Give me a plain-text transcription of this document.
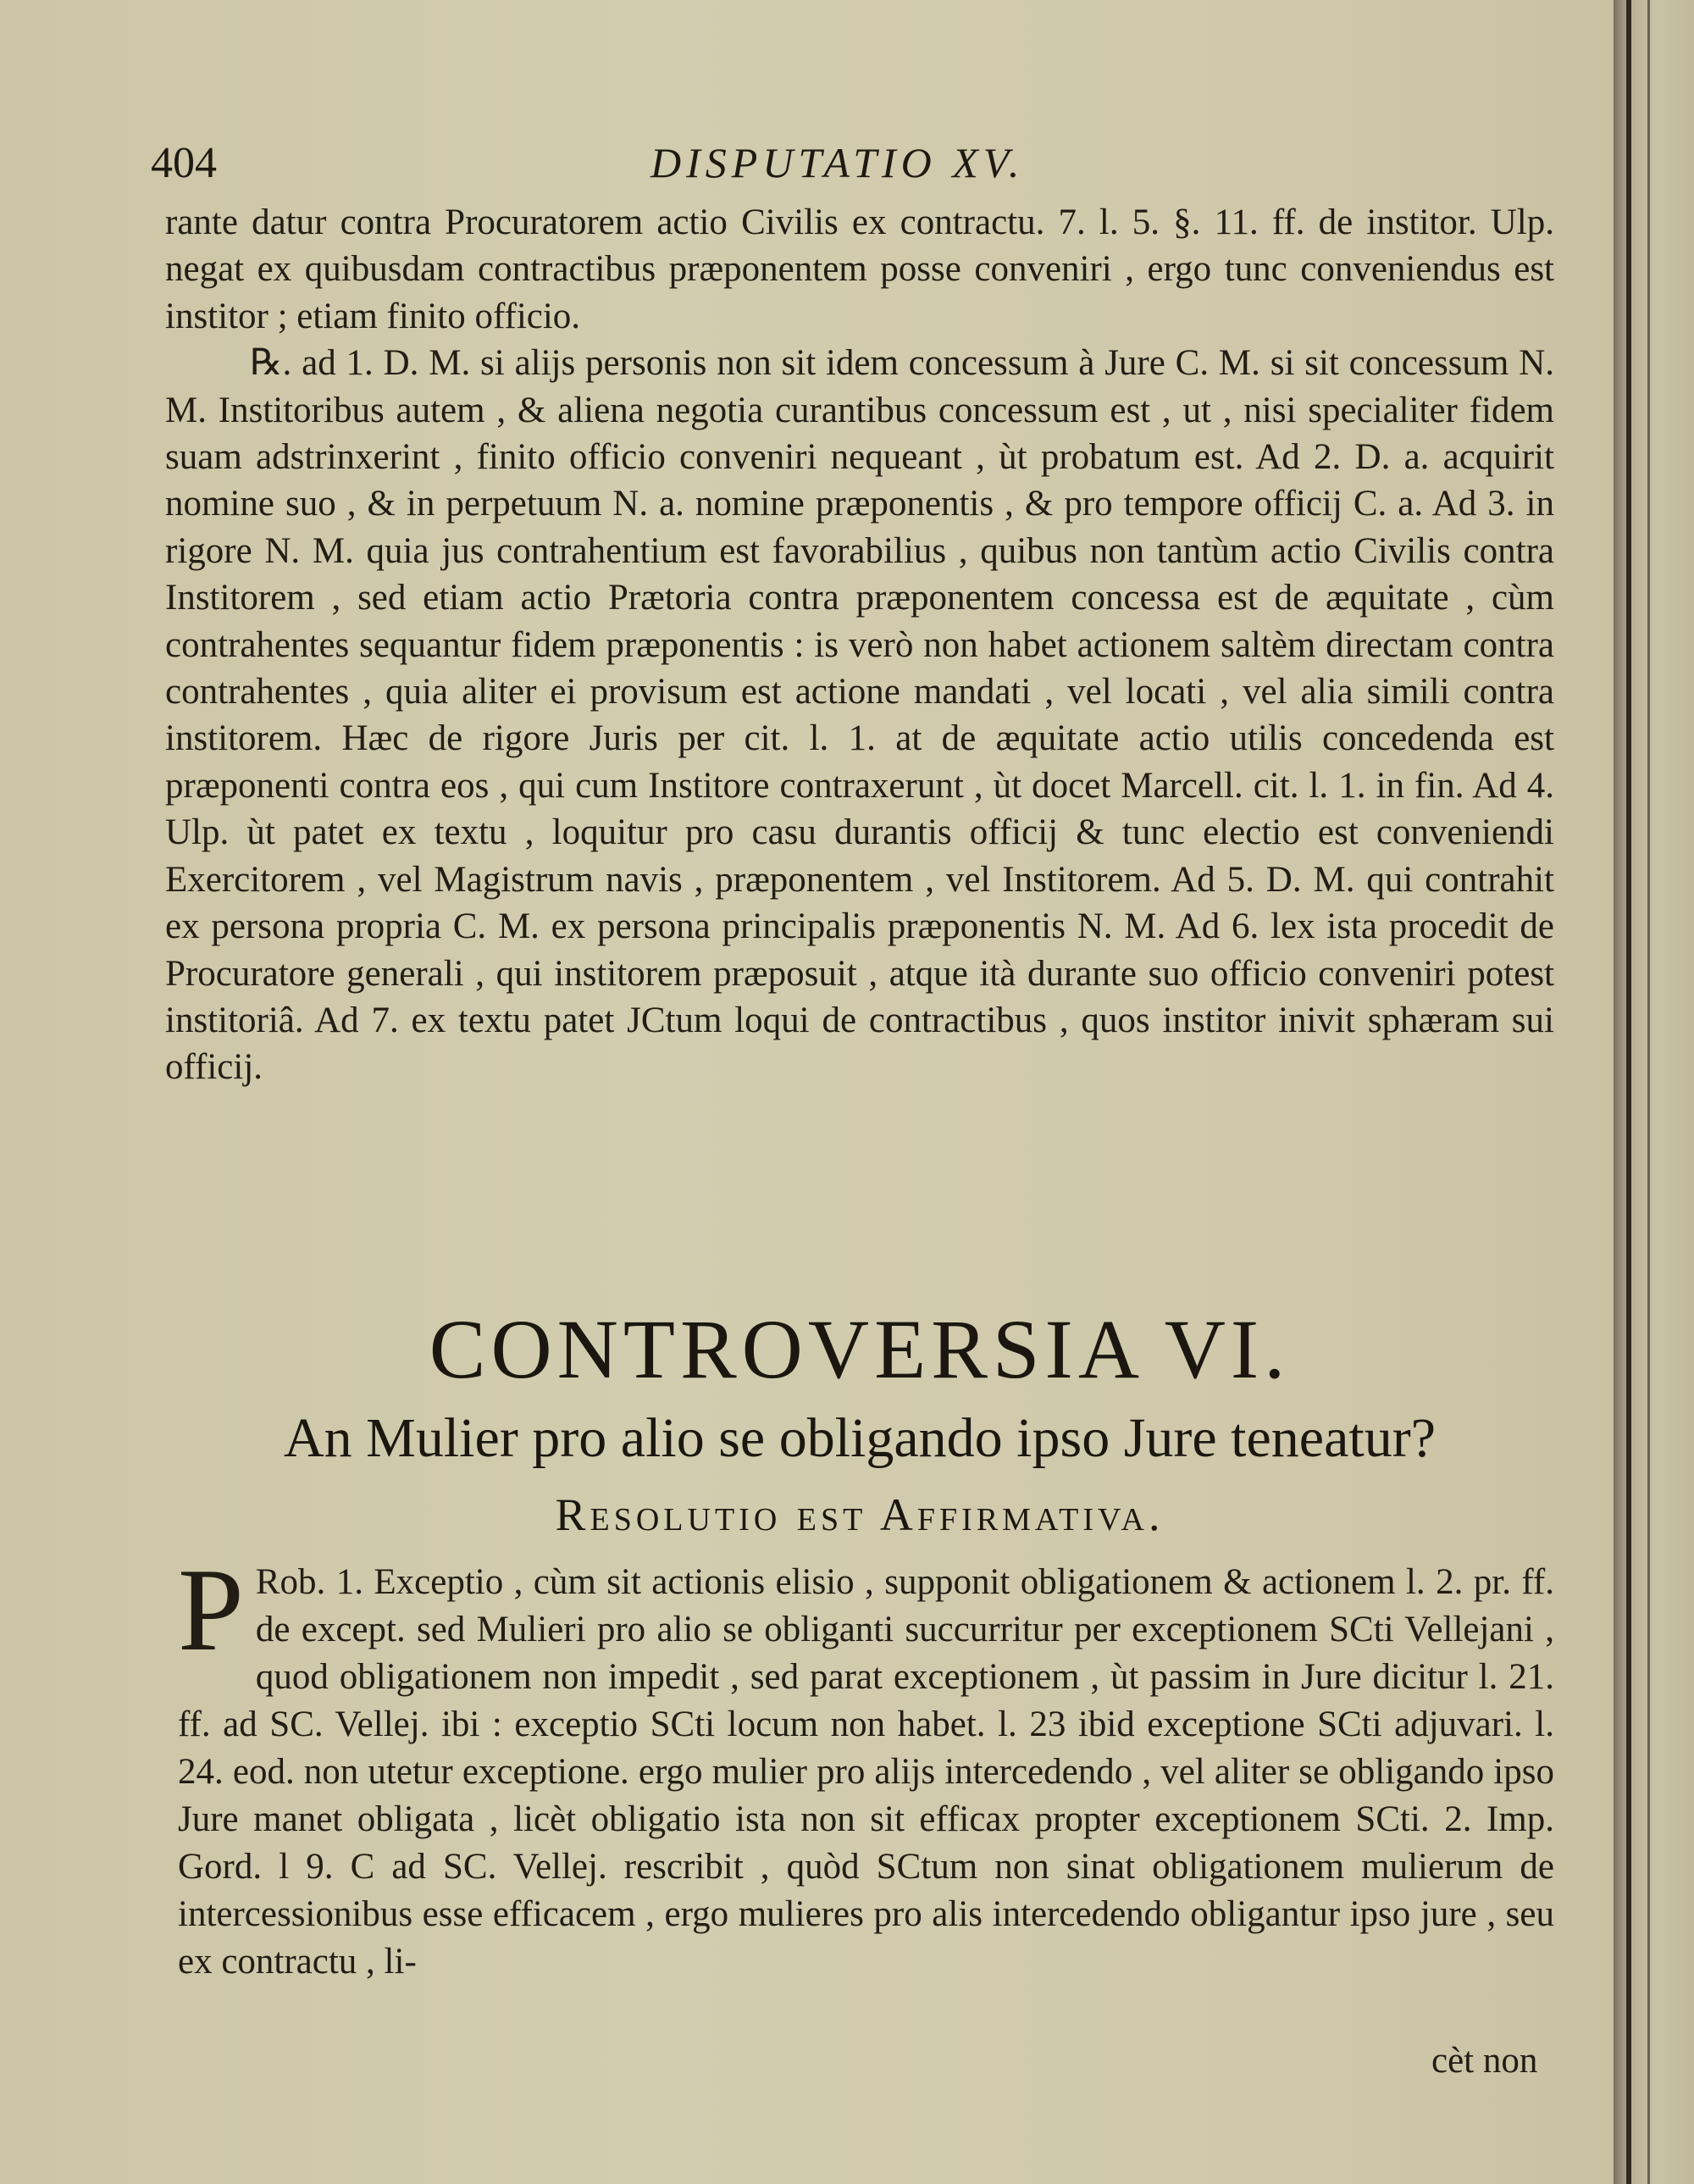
404	DISPUTATIO XV.

rante datur contra Procuratorem actio Civilis ex contractu. 7. l. 5. §. 11. ff. de institor. Ulp. negat ex quibusdam contractibus præponentem posse conveniri , ergo tunc conveniendus est institor ; etiam finito officio.

℞. ad 1. D. M. si alijs personis non sit idem concessum à Jure C. M. si sit concessum N. M. Institoribus autem , & aliena negotia curantibus concessum est , ut , nisi specialiter fidem suam adstrinxerint , finito officio conveniri nequeant , ùt probatum est. Ad 2. D. a. acquirit nomine suo , & in perpetuum N. a. nomine præponentis , & pro tempore officij C. a. Ad 3. in rigore N. M. quia jus contrahentium est favorabilius , quibus non tantùm actio Civilis contra Institorem , sed etiam actio Prætoria contra præponentem concessa est de æquitate , cùm contrahentes sequantur fidem præponentis : is verò non habet actionem saltèm directam contra contrahentes , quia aliter ei provisum est actione mandati , vel locati , vel alia simili contra institorem. Hæc de rigore Juris per cit. l. 1. at de æquitate actio utilis concedenda est præponenti contra eos , qui cum Institore contraxerunt , ùt docet Marcell. cit. l. 1. in fin. Ad 4. Ulp. ùt patet ex textu , loquitur pro casu durantis officij & tunc electio est conveniendi Exercitorem , vel Magistrum navis , præponentem , vel Institorem. Ad 5. D. M. qui contrahit ex persona propria C. M. ex persona principalis præponentis N. M. Ad 6. lex ista procedit de Procuratore generali , qui institorem præposuit , atque ità durante suo officio conveniri potest institoriâ. Ad 7. ex textu patet JCtum loqui de contractibus , quos institor inivit sphæram sui officij.

CONTROVERSIA VI.
An Mulier pro alio se obligando ipso Jure teneatur?
Resolutio est Affirmativa.
P Rob. 1. Exceptio , cùm sit actionis elisio , supponit obligationem & actionem l. 2. pr. ff. de except. sed Mulieri pro alio se obliganti succurritur per exceptionem SCti Vellejani , quod obligationem non impedit , sed parat exceptionem , ùt passim in Jure dicitur l. 21. ff. ad SC. Vellej. ibi : exceptio SCti locum non habet. l. 23 ibid exceptione SCti adjuvari. l. 24. eod. non utetur exceptione. ergo mulier pro alijs intercedendo , vel aliter se obligando ipso Jure manet obligata , licèt obligatio ista non sit efficax propter exceptionem SCti. 2. Imp. Gord. l 9. C ad SC. Vellej. rescribit , quòd SCtum non sinat obligationem mulierum de intercessionibus esse efficacem , ergo mulieres pro alis intercedendo obligantur ipso jure , seu ex contractu , li-

cèt non
